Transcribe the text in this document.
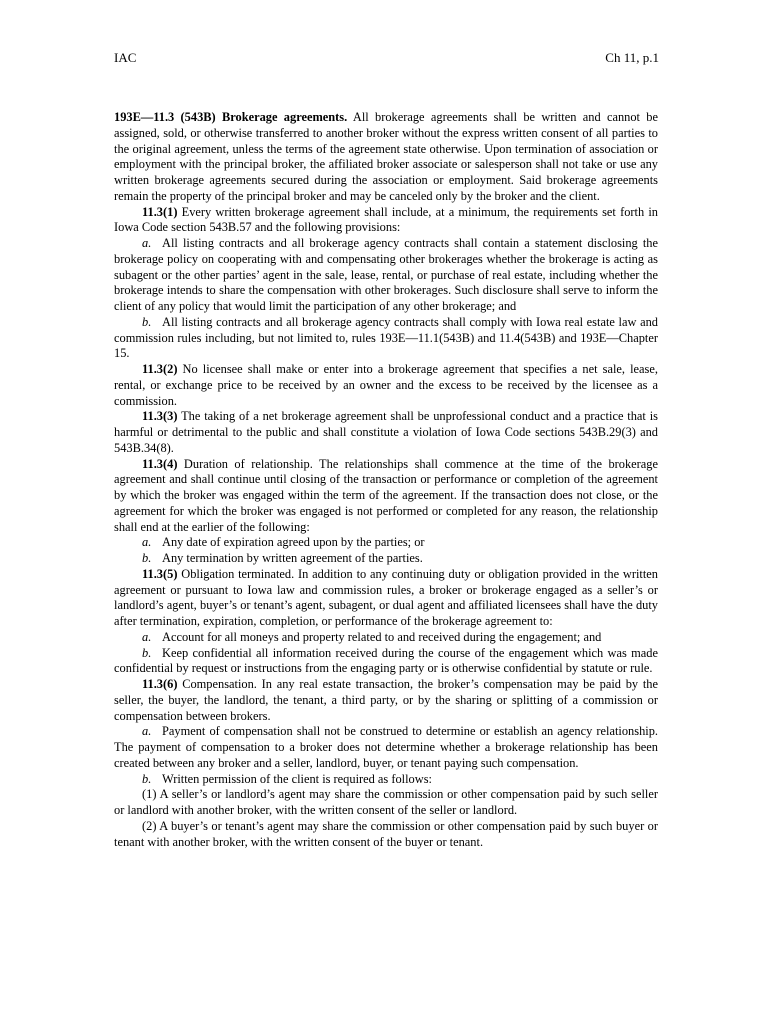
IAC	Ch 11, p.1

193E—11.3 (543B) Brokerage agreements. All brokerage agreements shall be written and cannot be assigned, sold, or otherwise transferred to another broker without the express written consent of all parties to the original agreement, unless the terms of the agreement state otherwise. Upon termination of association or employment with the principal broker, the affiliated broker associate or salesperson shall not take or use any written brokerage agreements secured during the association or employment. Said brokerage agreements remain the property of the principal broker and may be canceled only by the broker and the client.

11.3(1) Every written brokerage agreement shall include, at a minimum, the requirements set forth in Iowa Code section 543B.57 and the following provisions:

a. All listing contracts and all brokerage agency contracts shall contain a statement disclosing the brokerage policy on cooperating with and compensating other brokerages whether the brokerage is acting as subagent or the other parties’ agent in the sale, lease, rental, or purchase of real estate, including whether the brokerage intends to share the compensation with other brokerages. Such disclosure shall serve to inform the client of any policy that would limit the participation of any other brokerage; and

b. All listing contracts and all brokerage agency contracts shall comply with Iowa real estate law and commission rules including, but not limited to, rules 193E—11.1(543B) and 11.4(543B) and 193E—Chapter 15.

11.3(2) No licensee shall make or enter into a brokerage agreement that specifies a net sale, lease, rental, or exchange price to be received by an owner and the excess to be received by the licensee as a commission.

11.3(3) The taking of a net brokerage agreement shall be unprofessional conduct and a practice that is harmful or detrimental to the public and shall constitute a violation of Iowa Code sections 543B.29(3) and 543B.34(8).

11.3(4) Duration of relationship. The relationships shall commence at the time of the brokerage agreement and shall continue until closing of the transaction or performance or completion of the agreement by which the broker was engaged within the term of the agreement. If the transaction does not close, or the agreement for which the broker was engaged is not performed or completed for any reason, the relationship shall end at the earlier of the following:

a. Any date of expiration agreed upon by the parties; or

b. Any termination by written agreement of the parties.

11.3(5) Obligation terminated. In addition to any continuing duty or obligation provided in the written agreement or pursuant to Iowa law and commission rules, a broker or brokerage engaged as a seller’s or landlord’s agent, buyer’s or tenant’s agent, subagent, or dual agent and affiliated licensees shall have the duty after termination, expiration, completion, or performance of the brokerage agreement to:

a. Account for all moneys and property related to and received during the engagement; and

b. Keep confidential all information received during the course of the engagement which was made confidential by request or instructions from the engaging party or is otherwise confidential by statute or rule.

11.3(6) Compensation. In any real estate transaction, the broker’s compensation may be paid by the seller, the buyer, the landlord, the tenant, a third party, or by the sharing or splitting of a commission or compensation between brokers.

a. Payment of compensation shall not be construed to determine or establish an agency relationship. The payment of compensation to a broker does not determine whether a brokerage relationship has been created between any broker and a seller, landlord, buyer, or tenant paying such compensation.

b. Written permission of the client is required as follows:

(1) A seller’s or landlord’s agent may share the commission or other compensation paid by such seller or landlord with another broker, with the written consent of the seller or landlord.

(2) A buyer’s or tenant’s agent may share the commission or other compensation paid by such buyer or tenant with another broker, with the written consent of the buyer or tenant.
